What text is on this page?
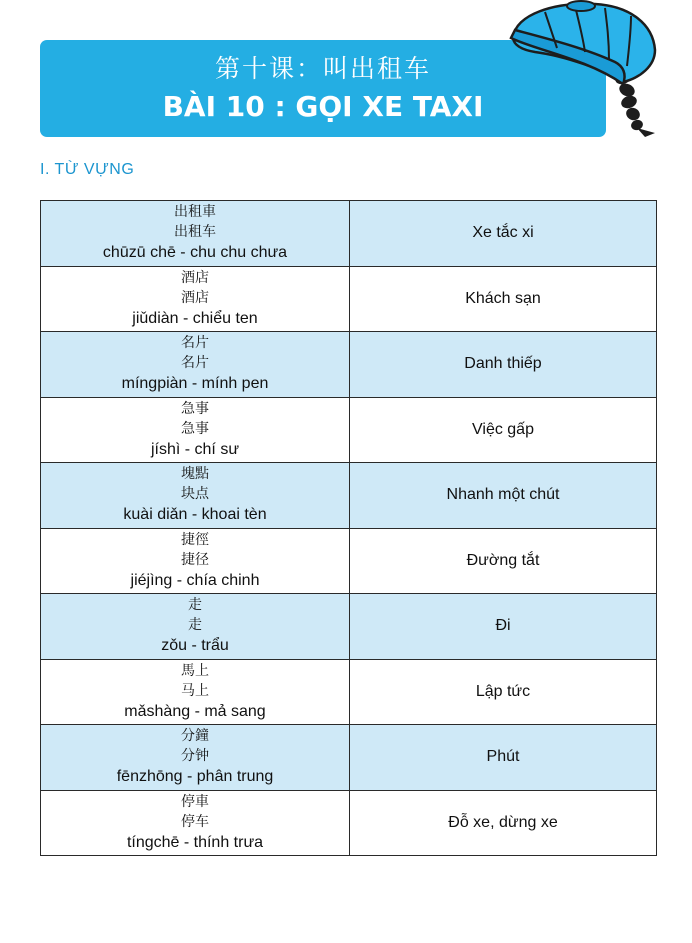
第十课：叫出租车
BÀI 10 : GỌI XE TAXI
I. TỪ VỰNG
出租車
出租车
chūzū chē - chu chu chưa	Xe tắc xi

酒店
酒店
jiǔdiàn - chiểu ten	Khách sạn

名片
名片
míngpiàn - mính pen	Danh thiếp

急事
急事
jíshì - chí sư	Việc gấp

塊點
块点
kuài diǎn - khoai tèn	Nhanh một chút

捷徑
捷径
jiéjìng - chía chinh	Đường tắt

走
走
zǒu - trẩu	Đi

馬上
马上
mǎshàng - mả sang	Lập tức

分鐘
分钟
fēnzhōng - phân trung	Phút

停車
停车
tíngchē - thính trưa	Đỗ xe, dừng xe
